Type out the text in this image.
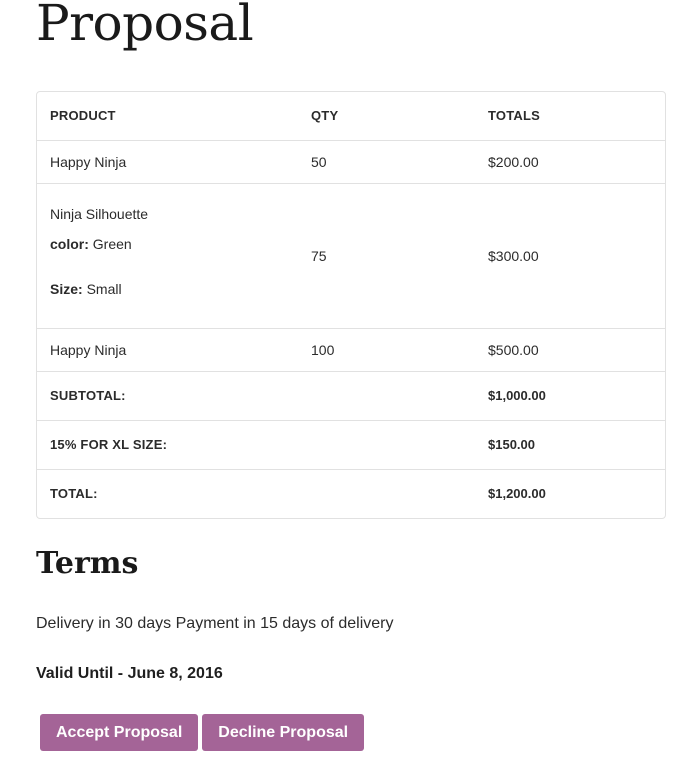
Proposal
PRODUCT	QTY	TOTALS
Happy Ninja	50	$200.00

Ninja Silhouette
color: Green
Size: Small	75	$300.00
Happy Ninja	100	$500.00
SUBTOTAL:		$1,000.00
15% FOR XL SIZE:		$150.00
TOTAL:		$1,200.00
Terms
Delivery in 30 days Payment in 15 days of delivery
Valid Until - June 8, 2016
Accept Proposal	Decline Proposal
